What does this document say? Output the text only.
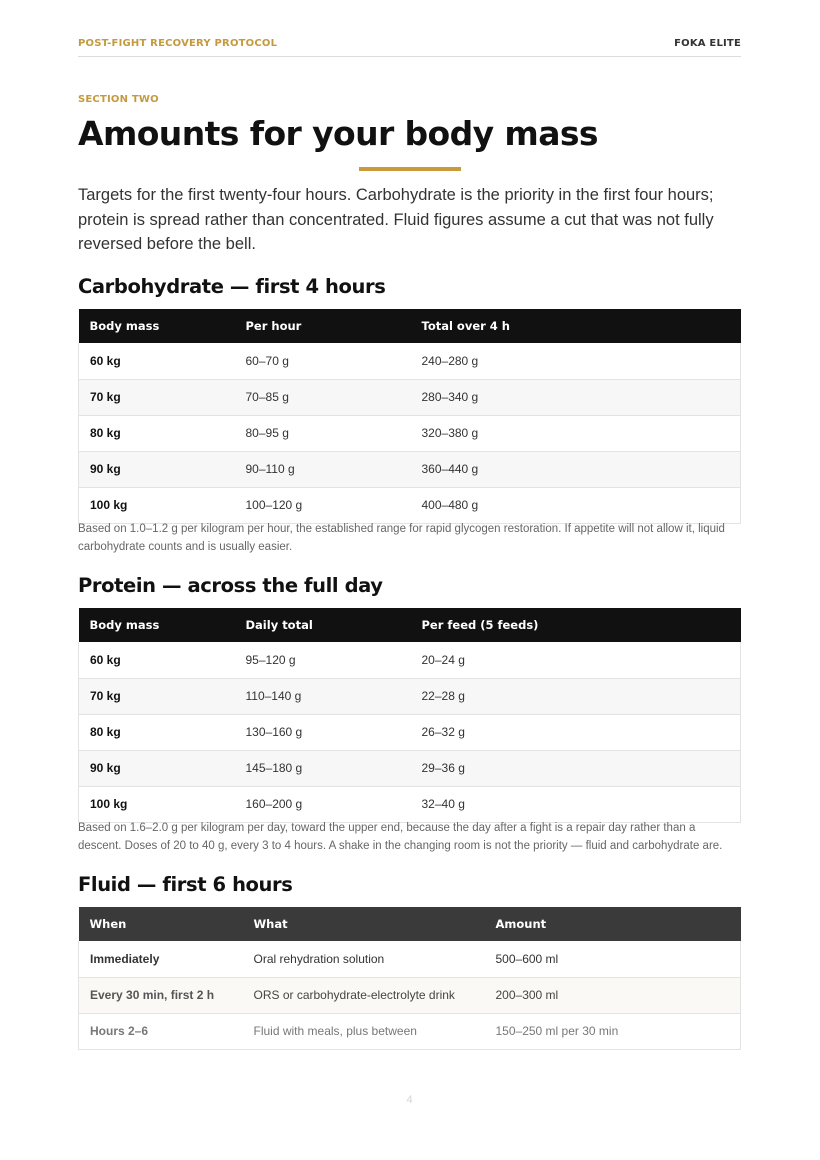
POST-FIGHT RECOVERY PROTOCOL	FOKA ELITE
SECTION TWO
Amounts for your body mass

Targets for the first twenty-four hours. Carbohydrate is the priority in the first four hours; protein is spread rather than concentrated. Fluid figures assume a cut that was not fully reversed before the bell.

Carbohydrate — first 4 hours
Body mass	Per hour	Total over 4 h
60 kg	60–70 g	240–280 g
70 kg	70–85 g	280–340 g
80 kg	80–95 g	320–380 g
90 kg	90–110 g	360–440 g
100 kg	100–120 g	400–480 g

Based on 1.0–1.2 g per kilogram per hour, the established range for rapid glycogen restoration. If appetite will not allow it, liquid carbohydrate counts and is usually easier.

Protein — across the full day
Body mass	Daily total	Per feed (5 feeds)
60 kg	95–120 g	20–24 g
70 kg	110–140 g	22–28 g
80 kg	130–160 g	26–32 g
90 kg	145–180 g	29–36 g
100 kg	160–200 g	32–40 g

Based on 1.6–2.0 g per kilogram per day, toward the upper end, because the day after a fight is a repair day rather than a descent. Doses of 20 to 40 g, every 3 to 4 hours. A shake in the changing room is not the priority — fluid and carbohydrate are.

Fluid — first 6 hours
When	What	Amount
Immediately	Oral rehydration solution	500–600 ml
Every 30 min, first 2 h	ORS or carbohydrate-electrolyte drink	200–300 ml
Hours 2–6	Fluid with meals, plus between	150–250 ml per 30 min
4
